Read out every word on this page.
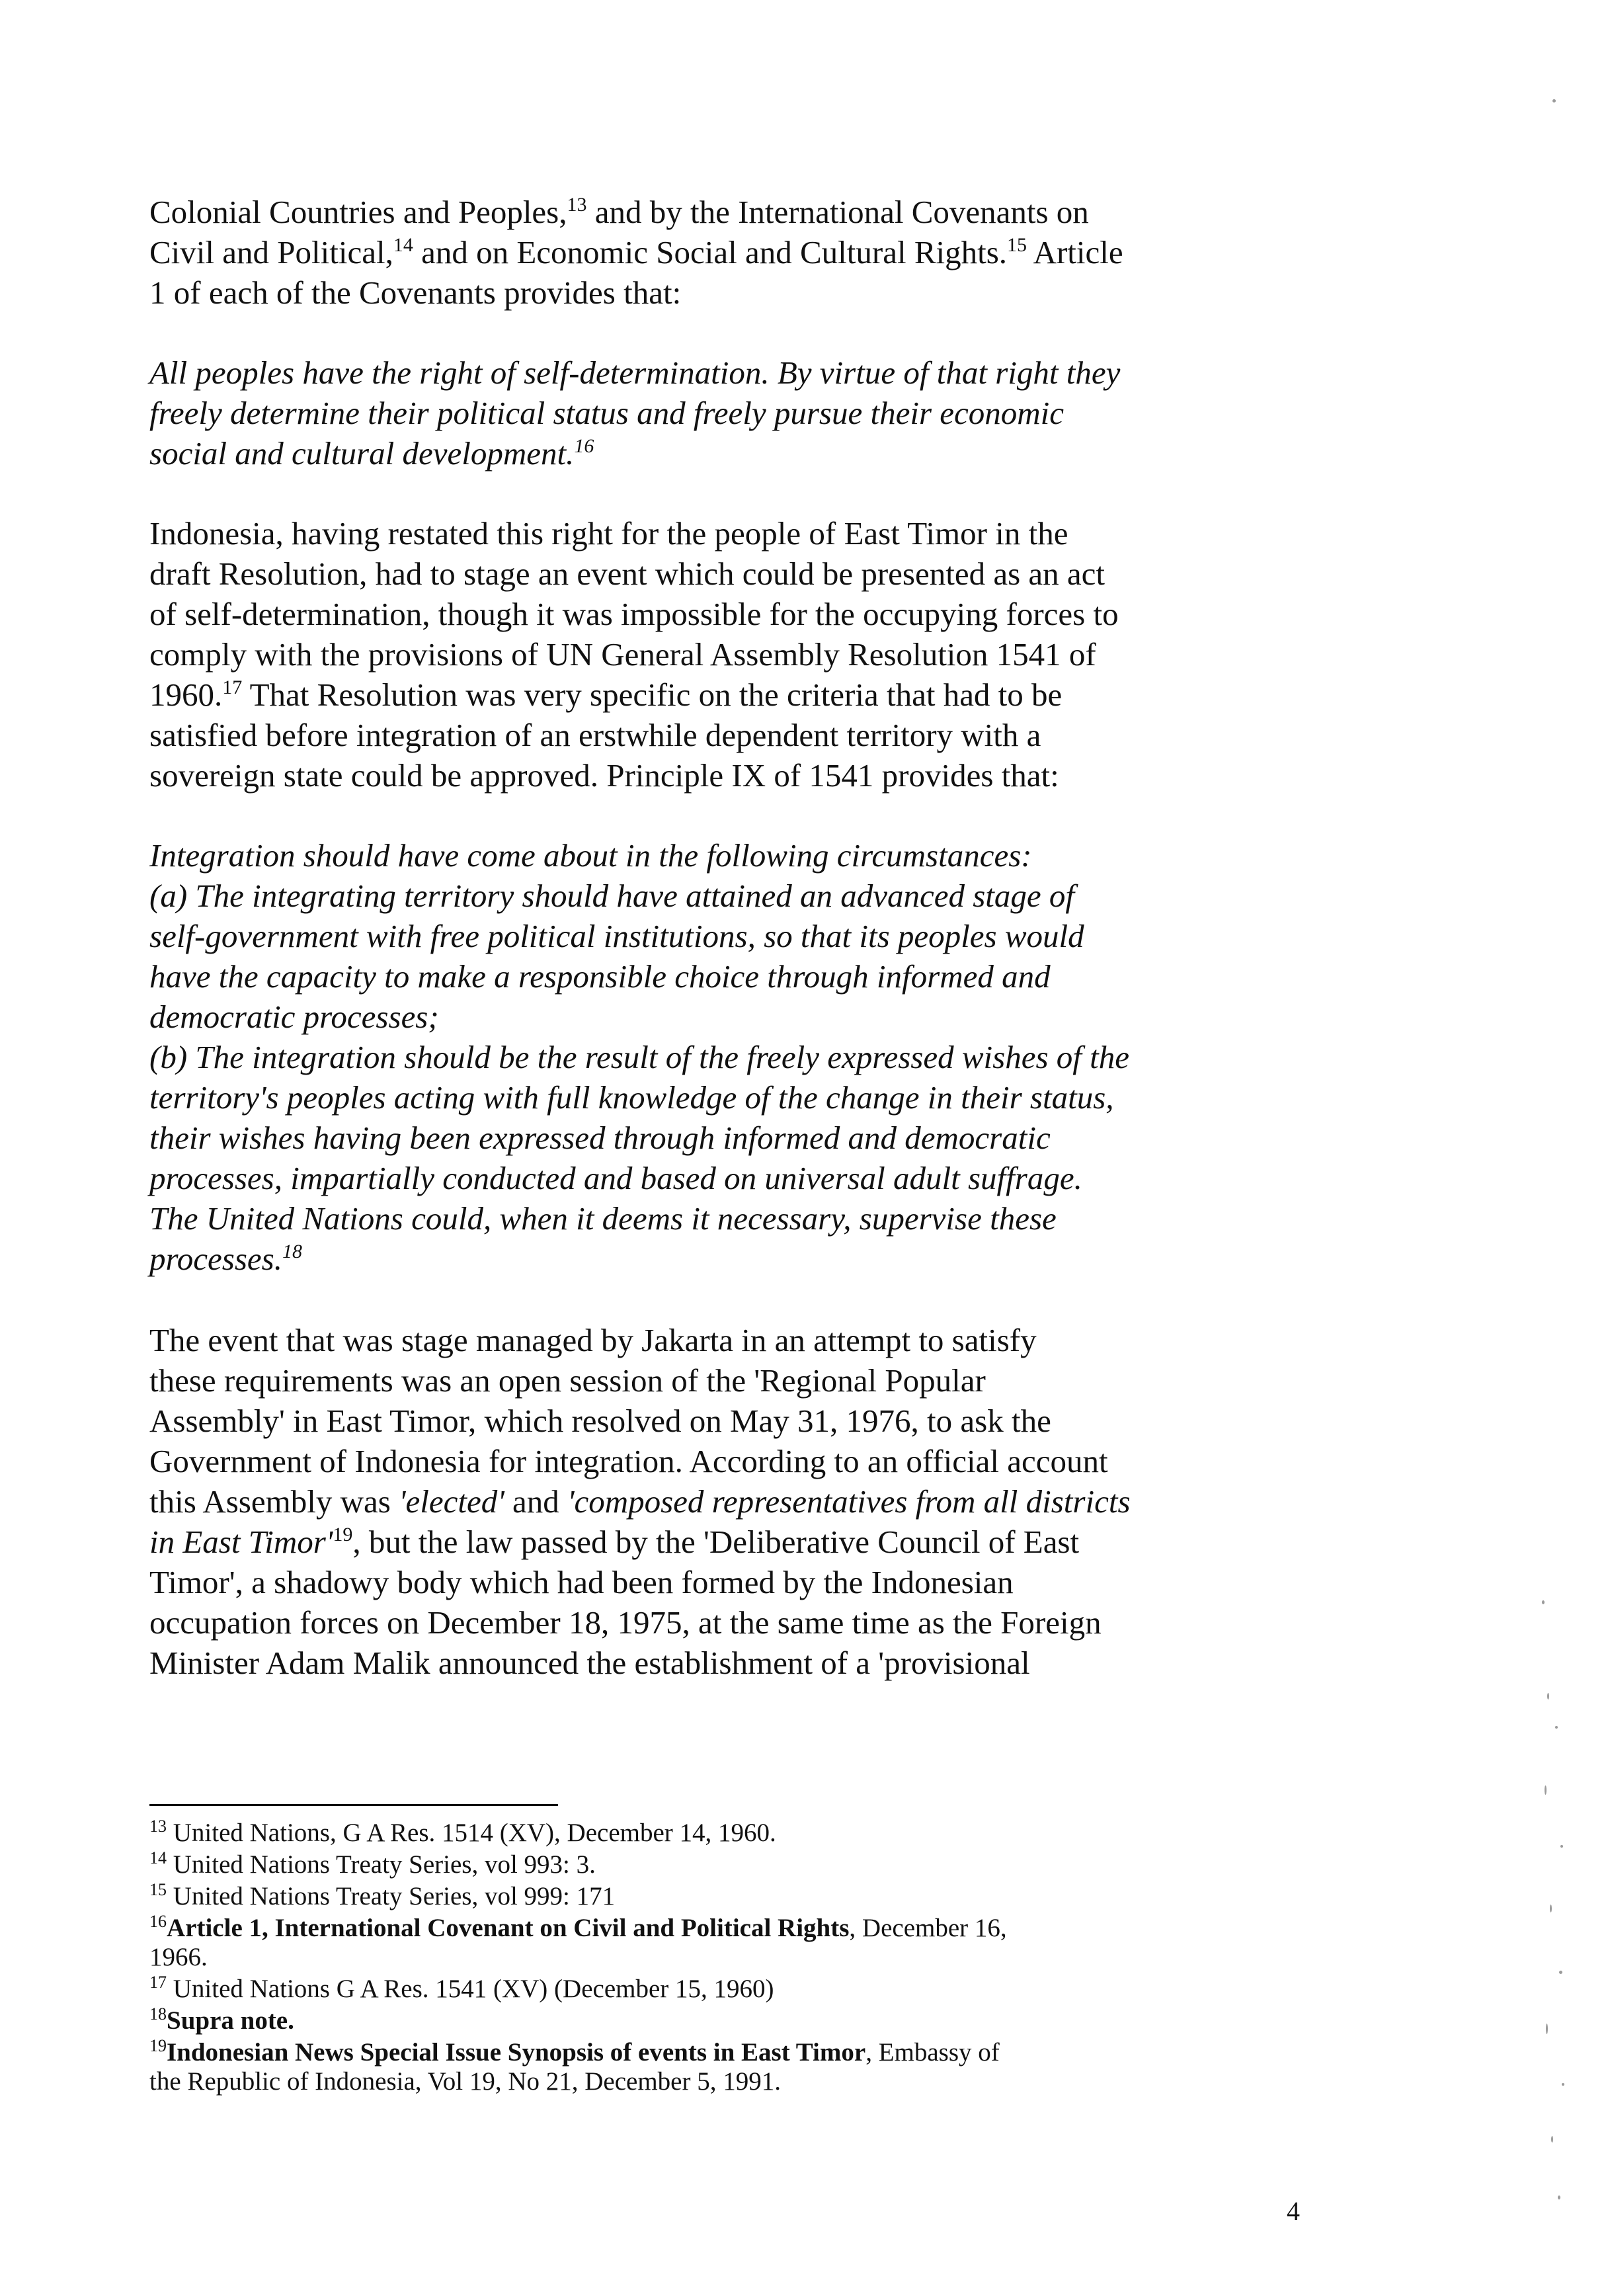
Colonial Countries and Peoples,$^{13}$ and by the International Covenants on
Civil and Political,$^{14}$ and on Economic Social and Cultural Rights.$^{15}$ Article
1 of each of the Covenants provides that:

All peoples have the right of self-determination. By virtue of that right they
freely determine their political status and freely pursue their economic
social and cultural development.$^{16}$

Indonesia, having restated this right for the people of East Timor in the
draft Resolution, had to stage an event which could be presented as an act
of self-determination, though it was impossible for the occupying forces to
comply with the provisions of UN General Assembly Resolution 1541 of
1960.17 That Resolution was very specific on the criteria that had to be
satisfied before integration of an erstwhile dependent territory with a
sovereign state could be approved. Principle IX of 1541 provides that:

Integration should have come about in the following circumstances:
(a) The integrating territory should have attained an advanced stage of
self-government with free political institutions, so that its peoples would
have the capacity to make a responsible choice through informed and
democratic processes;
(b) The integration should be the result of the freely expressed wishes of the
territory's peoples acting with full knowledge of the change in their status,
their wishes having been expressed through informed and democratic
processes, impartially conducted and based on universal adult suffrage.
The United Nations could, when it deems it necessary, supervise these
processes.$^{18}$

The event that was stage managed by Jakarta in an attempt to satisfy
these requirements was an open session of the 'Regional Popular
Assembly' in East Timor, which resolved on May 31, 1976, to ask the
Government of Indonesia for integration. According to an official account
this Assembly was 'elected' and 'composed representatives from all districts
in East $Timor'^{19}$, but the law passed by the 'Deliberative Council of East
Timor', a shadowy body which had been formed by the Indonesian
occupation forces on December 18, 1975, at the same time as the Foreign
Minister Adam Malik announced the establishment of a 'provisional

$^{13}$ United Nations, G A Res. 1514 (XV), December 14, 1960.

$^{14}$ United Nations Treaty Series, vol 993: 3.

$^{15}$ United Nations Treaty Series, vol 999: 171

$^{16}$Article 1, International Covenant on Civil and Political Rights, December 16,
1966.

$^{17}$ United Nations G A Res. 1541 (XV) (December 15, 1960)

$^{18}$Supra note.

$^{19}$Indonesian News Special Issue Synopsis of events in East Timor, Embassy of
the Republic of Indonesia, Vol 19, No 21, December 5, 1991.

4
